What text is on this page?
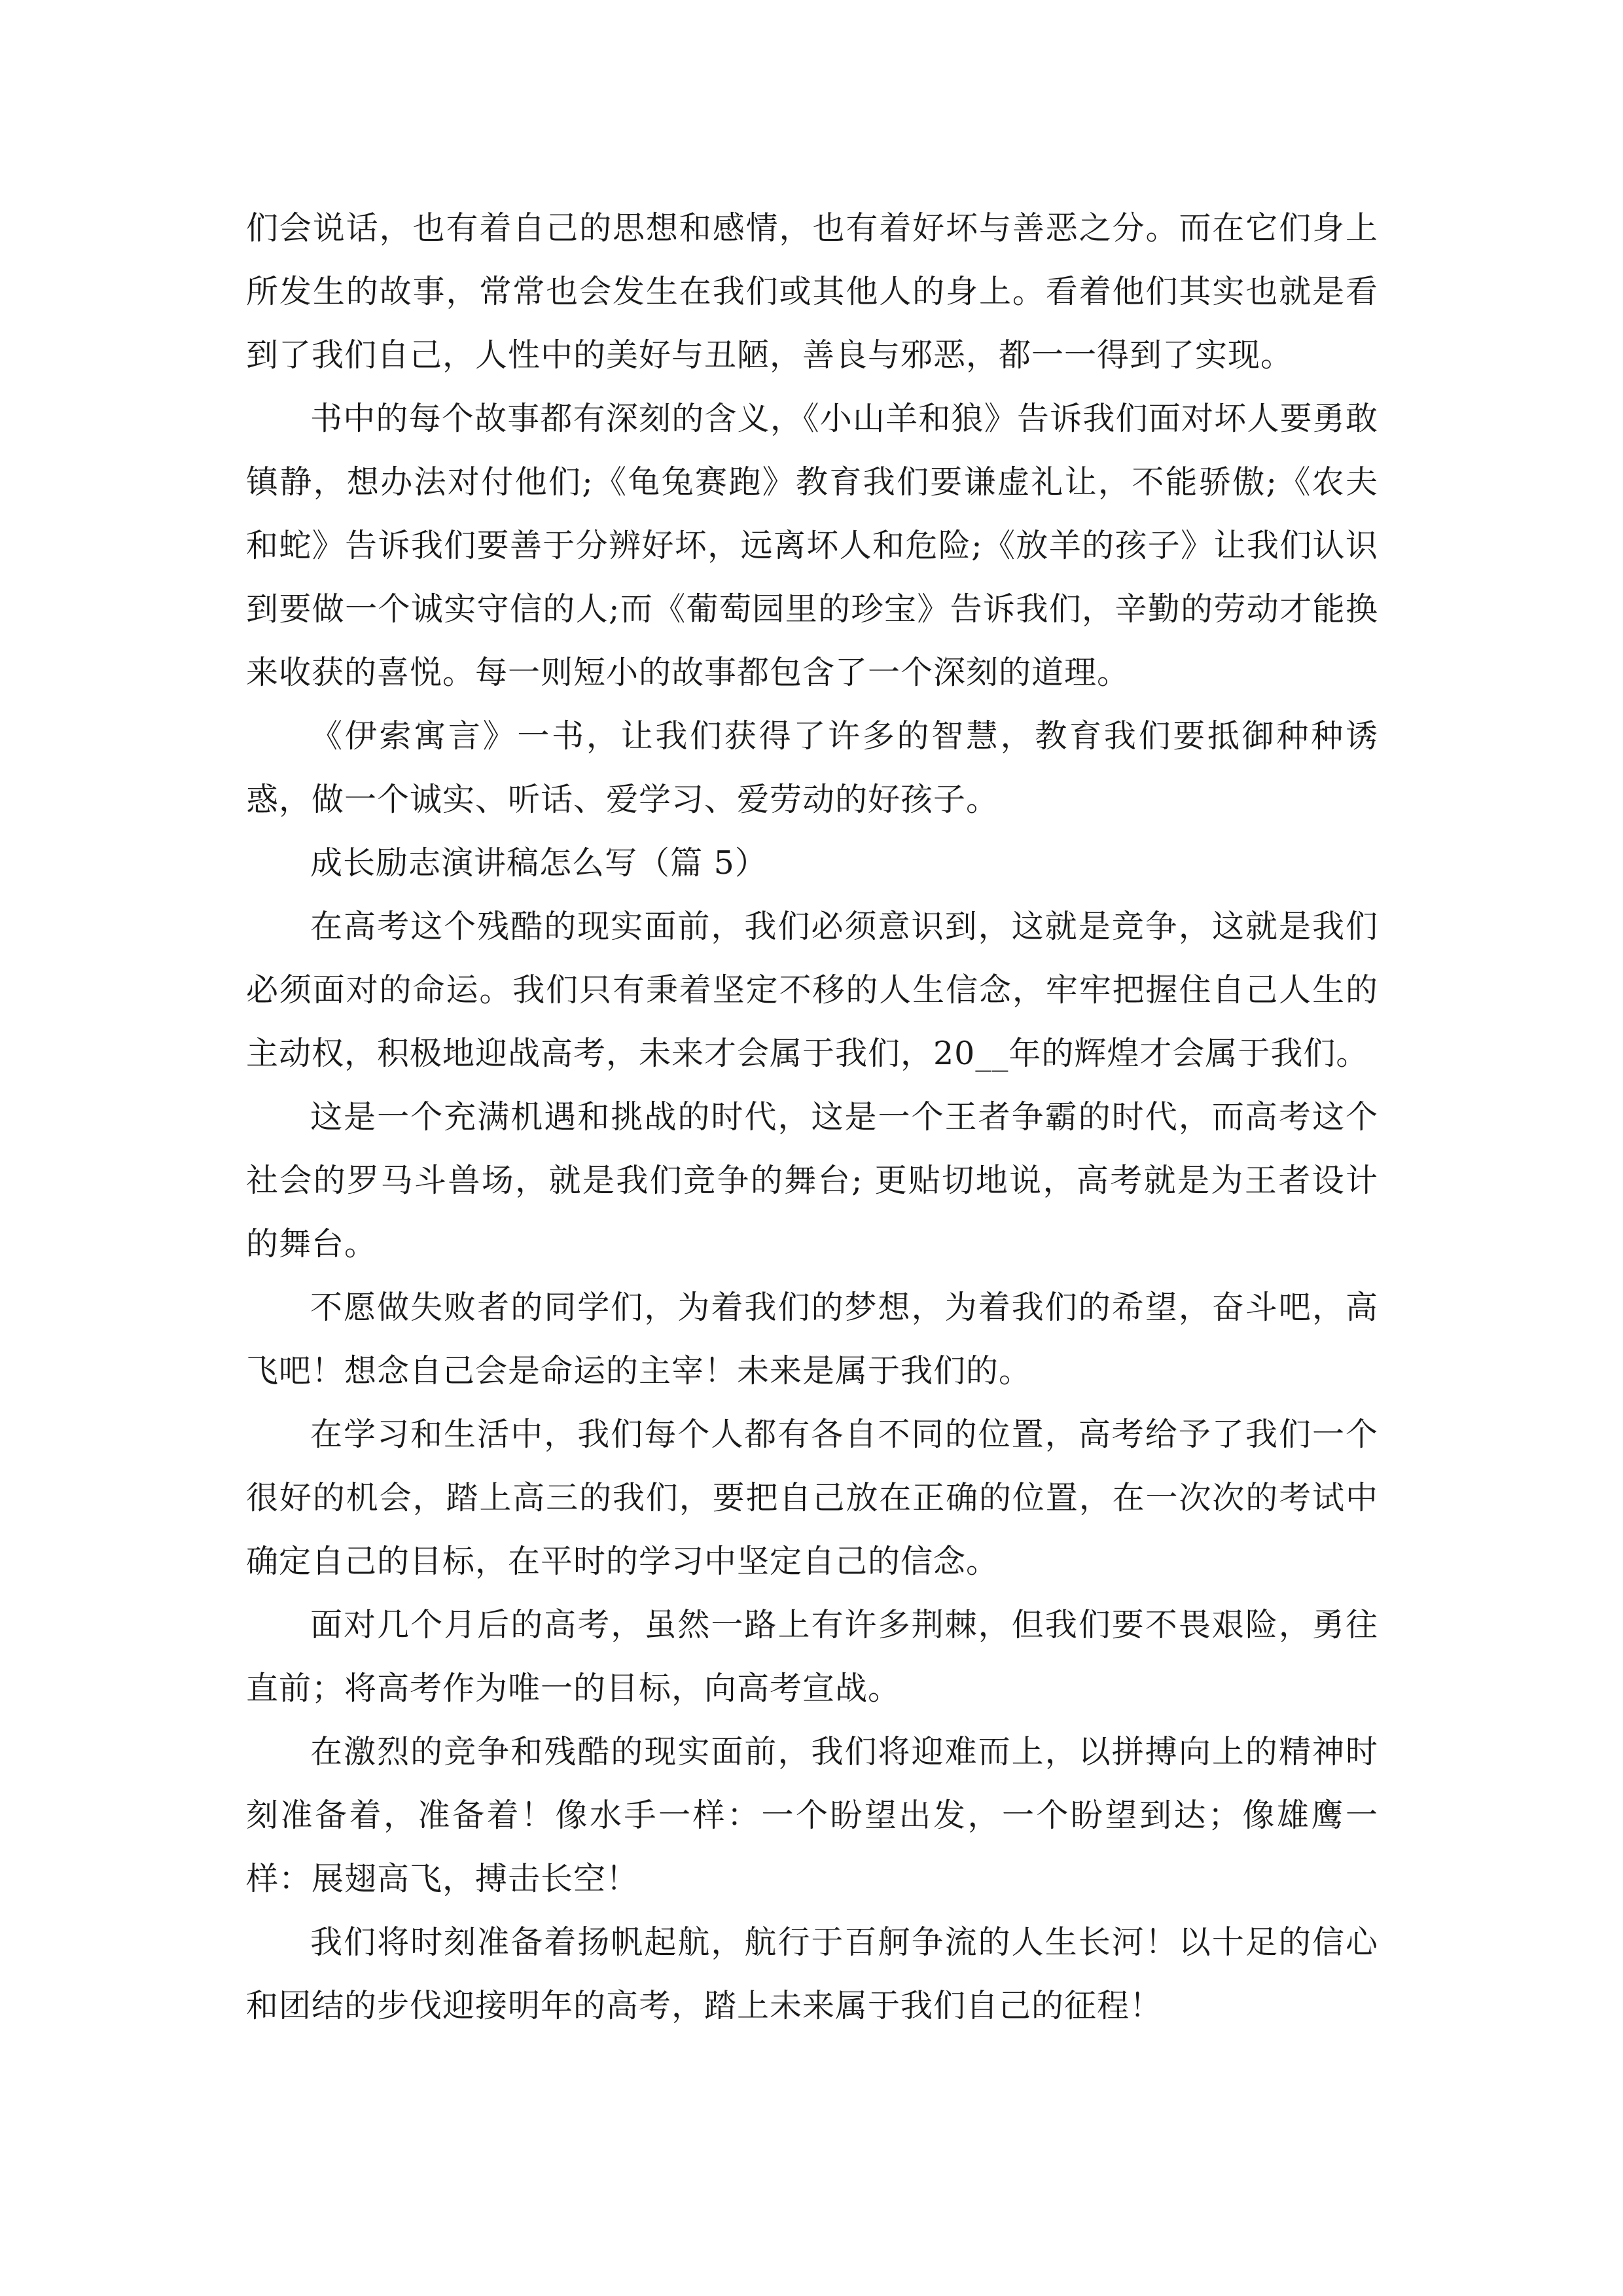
们会说话，也有着自己的思想和感情，也有着好坏与善恶之分。而在它们身上所发生的故事，常常也会发生在我们或其他人的身上。看着他们其实也就是看到了我们自己，人性中的美好与丑陋，善良与邪恶，都一一得到了实现。

书中的每个故事都有深刻的含义，《小山羊和狼》告诉我们面对坏人要勇敢镇静，想办法对付他们;《龟兔赛跑》教育我们要谦虚礼让，不能骄傲;《农夫和蛇》告诉我们要善于分辨好坏，远离坏人和危险;《放羊的孩子》让我们认识到要做一个诚实守信的人;而《葡萄园里的珍宝》告诉我们，辛勤的劳动才能换来收获的喜悦。每一则短小的故事都包含了一个深刻的道理。

《伊索寓言》一书，让我们获得了许多的智慧，教育我们要抵御种种诱惑，做一个诚实、听话、爱学习、爱劳动的好孩子。

成长励志演讲稿怎么写（篇 5）

在高考这个残酷的现实面前，我们必须意识到，这就是竞争，这就是我们必须面对的命运。我们只有秉着坚定不移的人生信念，牢牢把握住自己人生的主动权，积极地迎战高考，未来才会属于我们，20__年的辉煌才会属于我们。

这是一个充满机遇和挑战的时代，这是一个王者争霸的时代，而高考这个社会的罗马斗兽场，就是我们竞争的舞台; 更贴切地说，高考就是为王者设计的舞台。

不愿做失败者的同学们，为着我们的梦想，为着我们的希望，奋斗吧，高飞吧！想念自己会是命运的主宰！未来是属于我们的。

在学习和生活中，我们每个人都有各自不同的位置，高考给予了我们一个很好的机会，踏上高三的我们，要把自己放在正确的位置，在一次次的考试中确定自己的目标，在平时的学习中坚定自己的信念。

面对几个月后的高考，虽然一路上有许多荆棘，但我们要不畏艰险，勇往直前；将高考作为唯一的目标，向高考宣战。

在激烈的竞争和残酷的现实面前，我们将迎难而上，以拼搏向上的精神时刻准备着，准备着！像水手一样：一个盼望出发，一个盼望到达；像雄鹰一样：展翅高飞，搏击长空！

我们将时刻准备着扬帆起航，航行于百舸争流的人生长河！以十足的信心和团结的步伐迎接明年的高考，踏上未来属于我们自己的征程！
